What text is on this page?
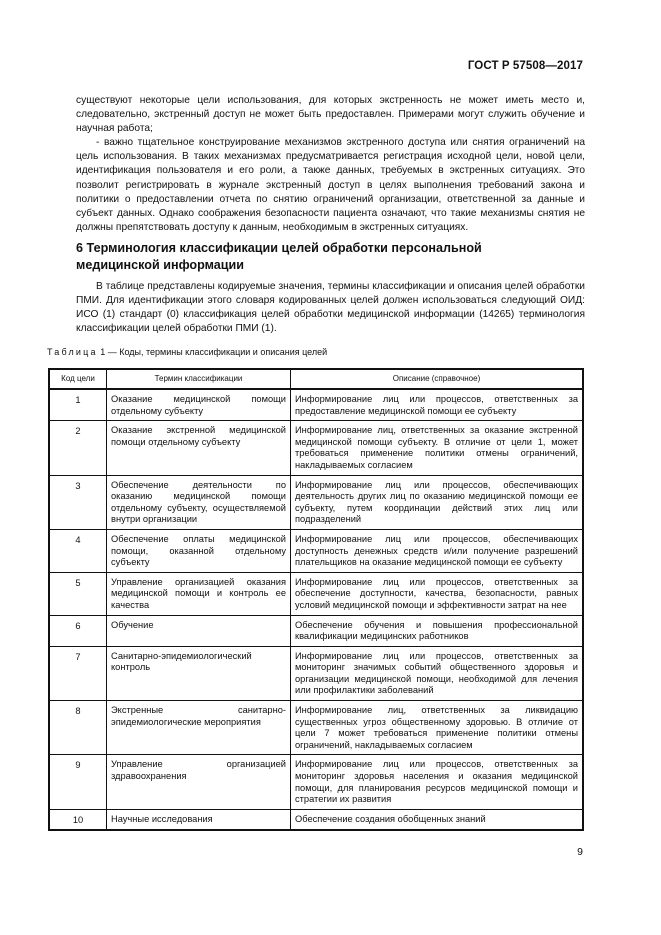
ГОСТ Р 57508—2017

существуют некоторые цели использования, для которых экстренность не может иметь место и, следовательно, экстренный доступ не может быть предоставлен. Примерами могут служить обучение и научная работа;

- важно тщательное конструирование механизмов экстренного доступа или снятия ограничений на цель использования. В таких механизмах предусматривается регистрация исходной цели, новой цели, идентификация пользователя и его роли, а также данных, требуемых в экстренных ситуациях. Это позволит регистрировать в журнале экстренный доступ в целях выполнения требований закона и политики о предоставлении отчета по снятию ограничений организации, ответственной за данные и субъект данных. Однако соображения безопасности пациента означают, что такие механизмы снятия не должны препятствовать доступу к данным, необходимым в экстренных ситуациях.

6 Терминология классификации целей обработки персональной медицинской информации

В таблице представлены кодируемые значения, термины классификации и описания целей обработки ПМИ. Для идентификации этого словаря кодированных целей должен использоваться следующий ОИД: ИСО (1) стандарт (0) классификация целей обработки медицинской информации (14265) терминология классификации целей обработки ПМИ (1).

Таблица 1 — Коды, термины классификации и описания целей
Код цели	Термин классификации	Описание (справочное)
1	Оказание медицинской помощи отдельному субъекту	Информирование лиц или процессов, ответственных за предоставление медицинской помощи ее субъекту
2	Оказание экстренной медицинской помощи отдельному субъекту	Информирование лиц, ответственных за оказание экстренной медицинской помощи субъекту. В отличие от цели 1, может требоваться применение политики отмены ограничений, накладываемых согласием
3	Обеспечение деятельности по оказанию медицинской помощи отдельному субъекту, осуществляемой внутри организации	Информирование лиц или процессов, обеспечивающих деятельность других лиц по оказанию медицинской помощи ее субъекту, путем координации действий этих лиц или подразделений
4	Обеспечение оплаты медицинской помощи, оказанной отдельному субъекту	Информирование лиц или процессов, обеспечивающих доступность денежных средств и/или получение разрешений плательщиков на оказание медицинской помощи ее субъекту
5	Управление организацией оказания медицинской помощи и контроль ее качества	Информирование лиц или процессов, ответственных за обеспечение доступности, качества, безопасности, равных условий медицинской помощи и эффективности затрат на нее
6	Обучение	Обеспечение обучения и повышения профессиональной квалификации медицинских работников
7	Санитарно-эпидемиологический контроль	Информирование лиц или процессов, ответственных за мониторинг значимых событий общественного здоровья и организации медицинской помощи, необходимой для лечения или профилактики заболеваний
8	Экстренные санитарно-эпидемиологические мероприятия	Информирование лиц, ответственных за ликвидацию существенных угроз общественному здоровью. В отличие от цели 7 может требоваться применение политики отмены ограничений, накладываемых согласием
9	Управление организацией здравоохранения	Информирование лиц или процессов, ответственных за мониторинг здоровья населения и оказания медицинской помощи, для планирования ресурсов медицинской помощи и стратегии их развития
10	Научные исследования	Обеспечение создания обобщенных знаний
9
